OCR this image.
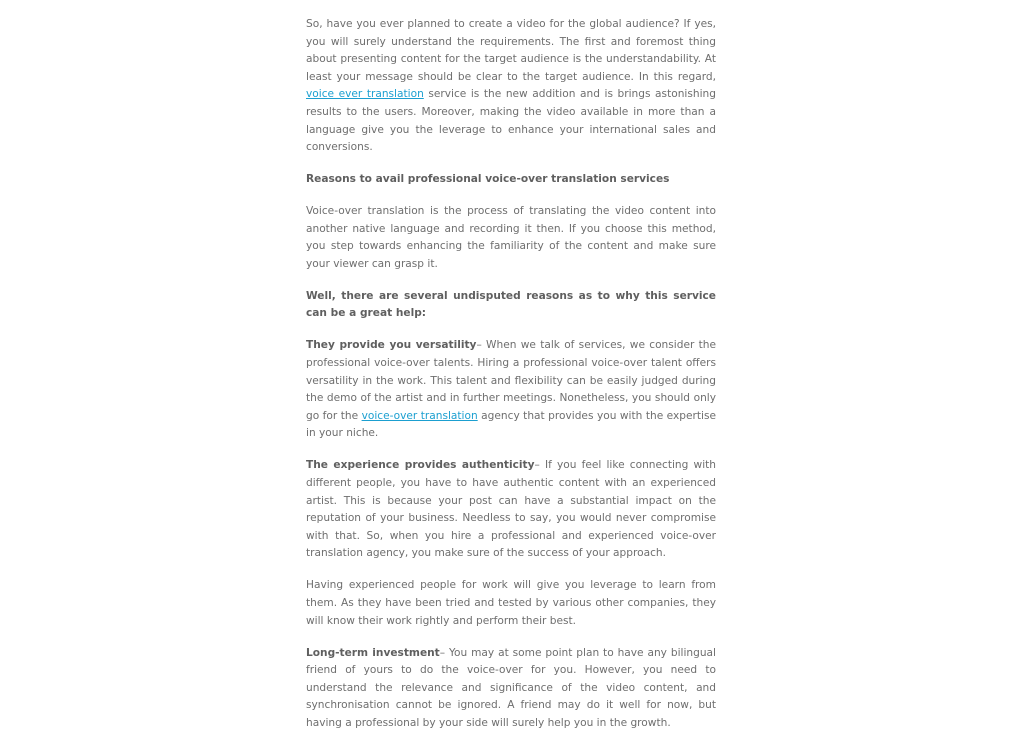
So, have you ever planned to create a video for the global audience? If yes, you will surely understand the requirements. The first and foremost thing about presenting content for the target audience is the understandability. At least your message should be clear to the target audience. In this regard, voice ever translation service is the new addition and is brings astonishing results to the users. Moreover, making the video available in more than a language give you the leverage to enhance your international sales and conversions.

Reasons to avail professional voice-over translation services

Voice-over translation is the process of translating the video content into another native language and recording it then. If you choose this method, you step towards enhancing the familiarity of the content and make sure your viewer can grasp it.

Well, there are several undisputed reasons as to why this service can be a great help:

They provide you versatility– When we talk of services, we consider the professional voice-over talents. Hiring a professional voice-over talent offers versatility in the work. This talent and flexibility can be easily judged during the demo of the artist and in further meetings. Nonetheless, you should only go for the voice-over translation agency that provides you with the expertise in your niche.

The experience provides authenticity– If you feel like connecting with different people, you have to have authentic content with an experienced artist. This is because your post can have a substantial impact on the reputation of your business. Needless to say, you would never compromise with that. So, when you hire a professional and experienced voice-over translation agency, you make sure of the success of your approach.

Having experienced people for work will give you leverage to learn from them. As they have been tried and tested by various other companies, they will know their work rightly and perform their best.

Long-term investment– You may at some point plan to have any bilingual friend of yours to do the voice-over for you. However, you need to understand the relevance and significance of the video content, and synchronisation cannot be ignored. A friend may do it well for now, but having a professional by your side will surely help you in the growth.
